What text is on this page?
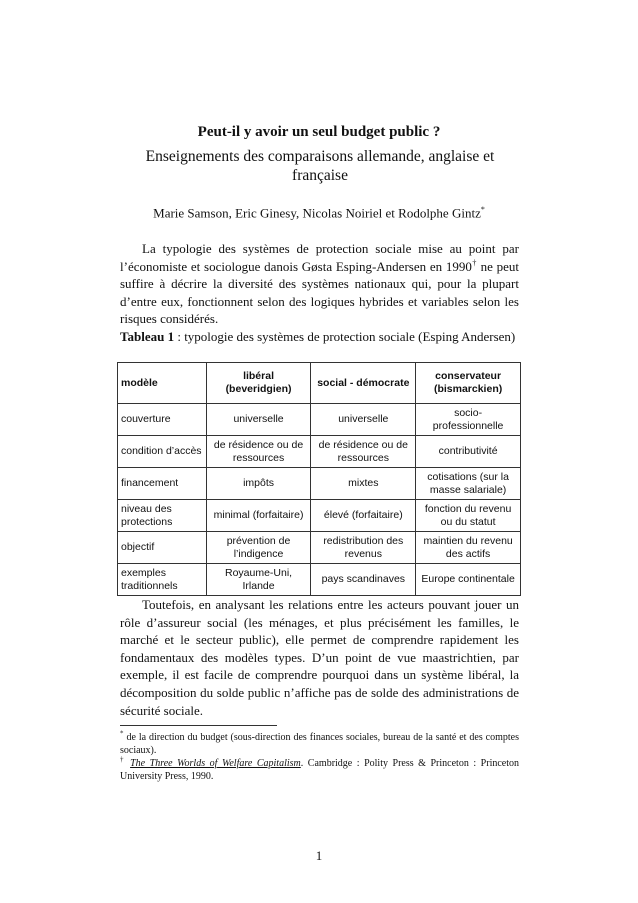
Peut-il y avoir un seul budget public ?
Enseignements des comparaisons allemande, anglaise et française
Marie Samson, Eric Ginesy, Nicolas Noiriel et Rodolphe Gintz*

La typologie des systèmes de protection sociale mise au point par l’économiste et sociologue danois Gøsta Esping-Andersen en 1990† ne peut suffire à décrire la diversité des systèmes nationaux qui, pour la plupart d’entre eux, fonctionnent selon des logiques hybrides et variables selon les risques considérés.

Tableau 1 : typologie des systèmes de protection sociale (Esping Andersen)
modèle	libéral (beveridgien)	social - démocrate	conservateur (bismarckien)
couverture	universelle	universelle	socio-professionnelle
condition d’accès	de résidence ou de ressources	de résidence ou de ressources	contributivité
financement	impôts	mixtes	cotisations (sur la masse salariale)
niveau des protections	minimal (forfaitaire)	élevé (forfaitaire)	fonction du revenu ou du statut
objectif	prévention de l’indigence	redistribution des revenus	maintien du revenu des actifs
exemples traditionnels	Royaume-Uni, Irlande	pays scandinaves	Europe continentale

Toutefois, en analysant les relations entre les acteurs pouvant jouer un rôle d’assureur social (les ménages, et plus précisément les familles, le marché et le secteur public), elle permet de comprendre rapidement les fondamentaux des modèles types. D’un point de vue maastrichtien, par exemple, il est facile de comprendre pourquoi dans un système libéral, la décomposition du solde public n’affiche pas de solde des administrations de sécurité sociale.

* de la direction du budget (sous-direction des finances sociales, bureau de la santé et des comptes sociaux).
† The Three Worlds of Welfare Capitalism. Cambridge : Polity Press & Princeton : Princeton University Press, 1990.
1
